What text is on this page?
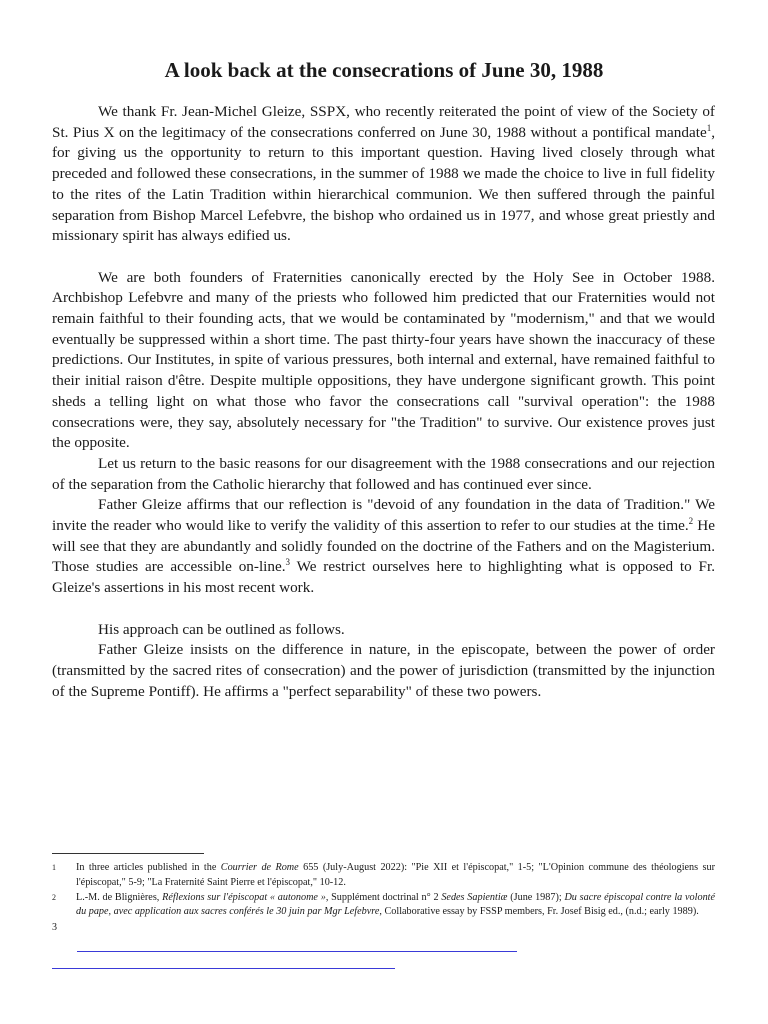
A look back at the consecrations of June 30, 1988

We thank Fr. Jean-Michel Gleize, SSPX, who recently reiterated the point of view of the Society of St. Pius X on the legitimacy of the consecrations conferred on June 30, 1988 without a pontifical mandate$^1$, for giving us the opportunity to return to this important question. Having lived closely through what preceded and followed these consecrations, in the summer of 1988 we made the choice to live in full fidelity to the rites of the Latin Tradition within hierarchical communion. We then suffered through the painful separation from Bishop Marcel Lefebvre, the bishop who ordained us in 1977, and whose great priestly and missionary spirit has always edified us.

We are both founders of Fraternities canonically erected by the Holy See in October 1988. Archbishop Lefebvre and many of the priests who followed him predicted that our Fraternities would not remain faithful to their founding acts, that we would be contaminated by "modernism," and that we would eventually be suppressed within a short time. The past thirty-four years have shown the inaccuracy of these predictions. Our Institutes, in spite of various pressures, both internal and external, have remained faithful to their initial raison d'être. Despite multiple oppositions, they have undergone significant growth. This point sheds a telling light on what those who favor the consecrations call "survival operation": the 1988 consecrations were, they say, absolutely necessary for "the Tradition" to survive. Our existence proves just the opposite.

Let us return to the basic reasons for our disagreement with the 1988 consecrations and our rejection of the separation from the Catholic hierarchy that followed and has continued ever since.

Father Gleize affirms that our reflection is "devoid of any foundation in the data of Tradition." We invite the reader who would like to verify the validity of this assertion to refer to our studies at the time.$^2$ He will see that they are abundantly and solidly founded on the doctrine of the Fathers and on the Magisterium. Those studies are accessible on-line.$^3$ We restrict ourselves here to highlighting what is opposed to Fr. Gleize's assertions in his most recent work.

His approach can be outlined as follows.

Father Gleize insists on the difference in nature, in the episcopate, between the power of order (transmitted by the sacred rites of consecration) and the power of jurisdiction (transmitted by the injunction of the Supreme Pontiff). He affirms a "perfect separability" of these two powers.

1 In three articles published in the Courrier de Rome 655 (July-August 2022): "Pie XII et l'épiscopat," 1-5; "L'Opinion commune des théologiens sur l'épiscopat," 5-9; "La Fraternité Saint Pierre et l'épiscopat," 10-12.

2 L.-M. de Blignières, Réflexions sur l'épiscopat « autonome », Supplément doctrinal n° 2 Sedes Sapientiæ (June 1987); Du sacre épiscopal contre la volonté du pape, avec application aux sacres conférés le 30 juin par Mgr Lefebvre, Collaborative essay by FSSP members, Fr. Josef Bisig ed., (n.d.; early 1989).

3
